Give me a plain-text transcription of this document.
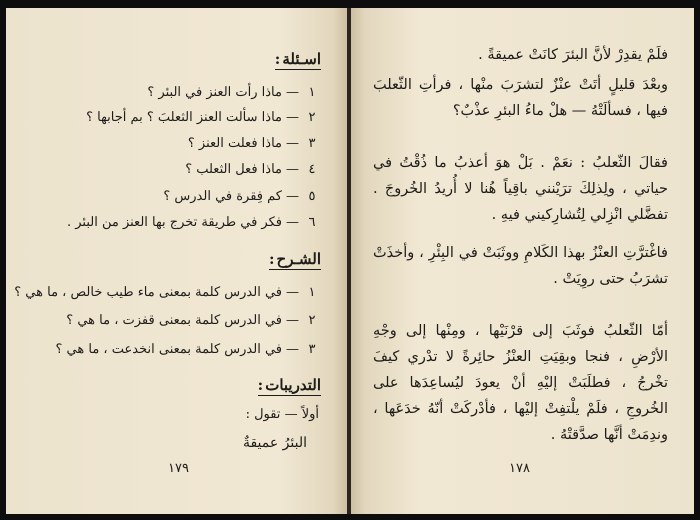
اسـئلة:
١—ماذا رأت العنز في البئر ؟
٢—ماذا سألت العنز الثعلبَ ؟ بم أجابها ؟
٣—ماذا فعلت العنز ؟
٤—ماذا فعل الثعلب ؟
٥—كم فِقرة في الدرس ؟
٦—فكر في طريقة تخرج بها العنز من البئر .
الشـرح:
١—في الدرس كلمة بمعنى ماء طيب خالص ، ما هي ؟
٢—في الدرس كلمة بمعنى قفزت ، ما هي ؟
٣—في الدرس كلمة بمعنى انخدعت ، ما هي ؟
التدريبات:
أولاً — تقول :
البئرُ عميقةٌ
١٧٩
فلَمْ يقدِرْ لأنَّ البئرَ كانَتْ عميقةً .
وبعْدَ قليلٍ أتَتْ عنْزٌ لتشرَبَ منْها ، فرأتِ الثّعلبَ فيها ، فسألَتْهُ — هلْ ماءُ البئرِ عذْبٌ؟
فقالَ الثّعلبُ : نعَمْ . بَلْ هوَ أعذبُ ما ذُقْتُ في حياتي ، ولِذلِكَ ترَيْنني باقِياً هُنا لا أُريدُ الخُروجَ . تفضَّلي انْزِلي لِتُشارِكيني فيهِ .
فاغْترَّتِ العنْزُ بهذا الكَلامِ ووثَبَتْ في البِئْرِ ، وأخذَتْ تشرَبُ حتى روِيَتْ .
أمّا الثّعلبُ فوثَبَ إلى قرْنَيْها ، ومِنْها إلى وجْهِ الأرْضِ ، فنجا وبقِيَتِ العنْزُ حائِرةً لا تدْري كيفَ تخْرجُ ، فطلَبَتْ إليْهِ أنْ يعودَ ليُساعِدَها على الخُروجِ ، فلَمْ يلْتفِتْ إليْها ، فأدْركَتْ أنّهُ خدَعَها ، وندِمَتْ أنَّها صدَّقتْهُ .
١٧٨
